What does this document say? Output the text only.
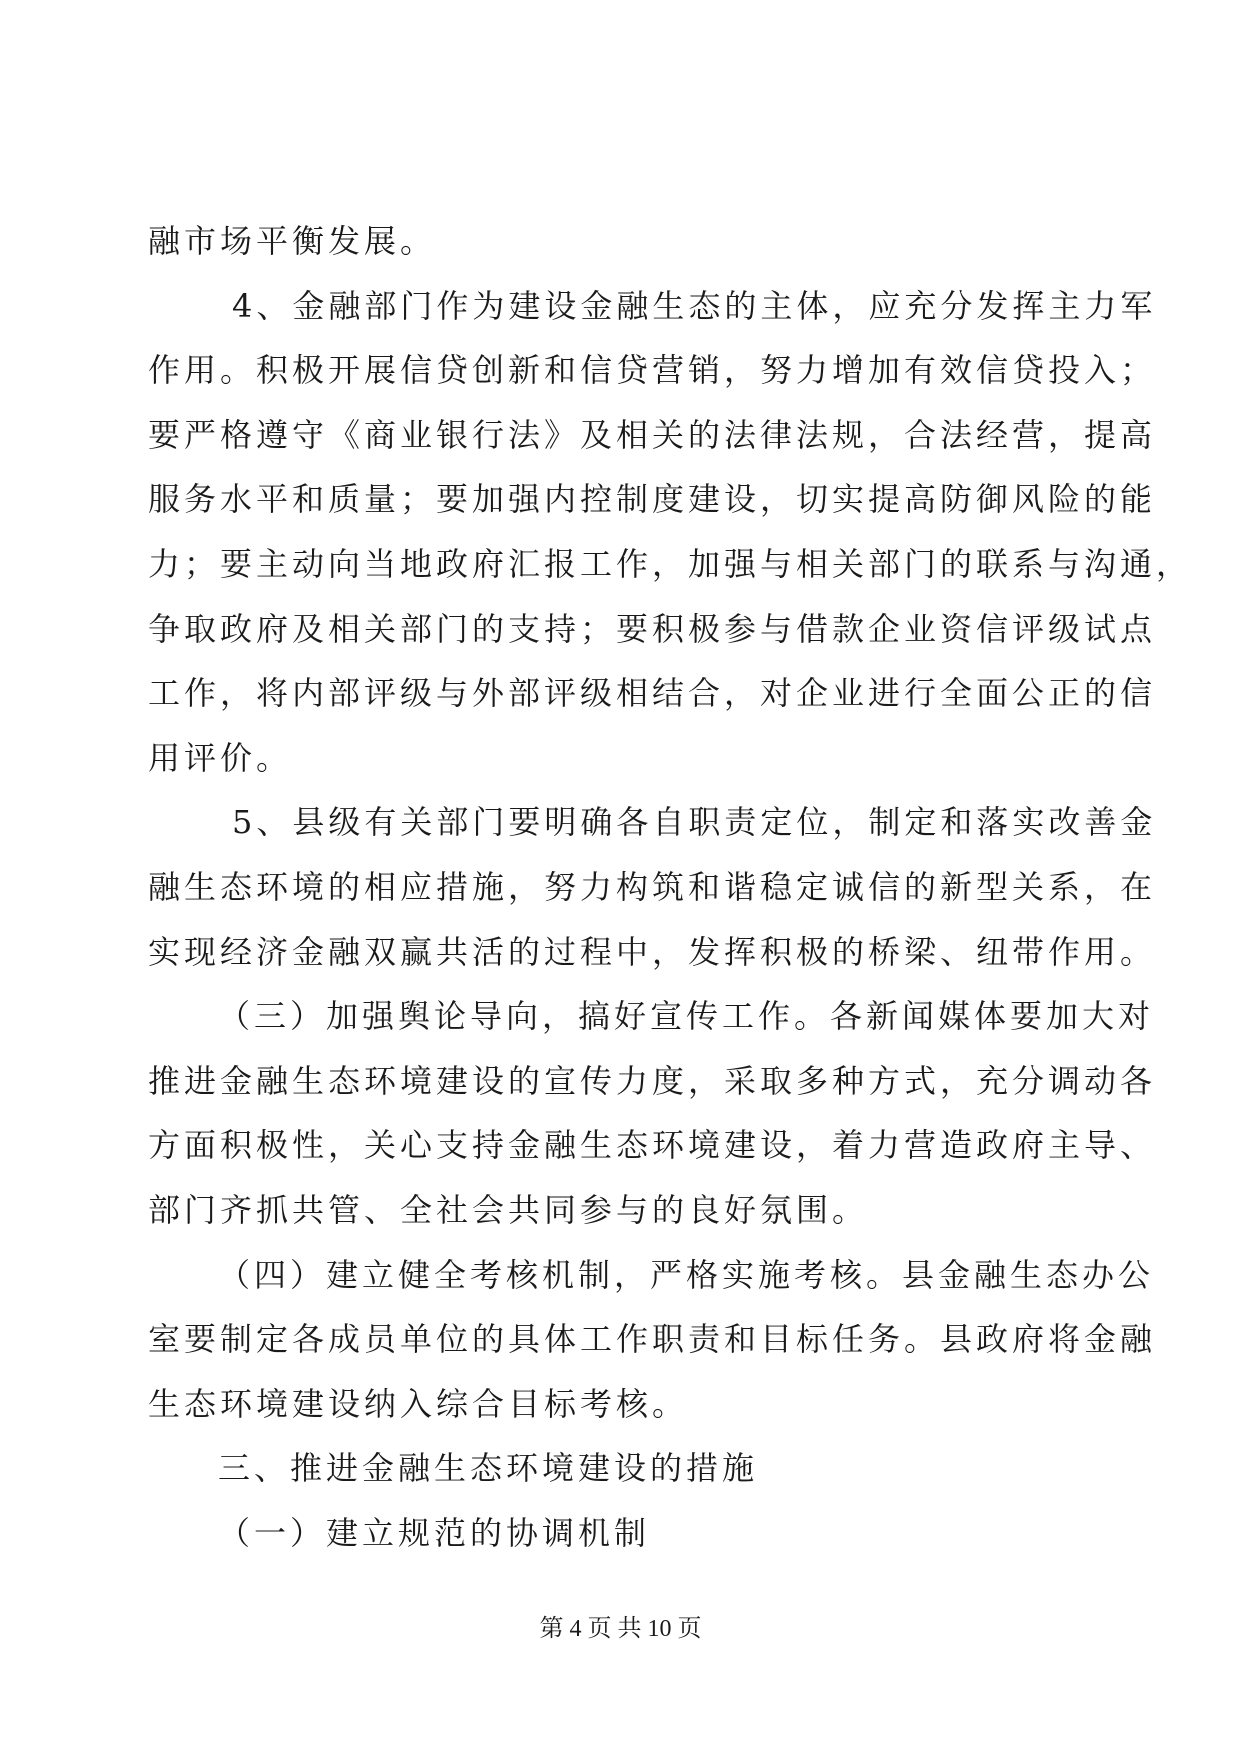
融市场平衡发展。
4、金融部门作为建设金融生态的主体，应充分发挥主力军
作用。积极开展信贷创新和信贷营销，努力增加有效信贷投入；
要严格遵守《商业银行法》及相关的法律法规，合法经营，提高
服务水平和质量；要加强内控制度建设，切实提高防御风险的能
力；要主动向当地政府汇报工作，加强与相关部门的联系与沟通，
争取政府及相关部门的支持；要积极参与借款企业资信评级试点
工作，将内部评级与外部评级相结合，对企业进行全面公正的信
用评价。
5、县级有关部门要明确各自职责定位，制定和落实改善金
融生态环境的相应措施，努力构筑和谐稳定诚信的新型关系，在
实现经济金融双赢共活的过程中，发挥积极的桥梁、纽带作用。
（三）加强舆论导向，搞好宣传工作。各新闻媒体要加大对
推进金融生态环境建设的宣传力度，采取多种方式，充分调动各
方面积极性，关心支持金融生态环境建设，着力营造政府主导、
部门齐抓共管、全社会共同参与的良好氛围。
（四）建立健全考核机制，严格实施考核。县金融生态办公
室要制定各成员单位的具体工作职责和目标任务。县政府将金融
生态环境建设纳入综合目标考核。
三、推进金融生态环境建设的措施
（一）建立规范的协调机制
第 4 页 共 10 页
